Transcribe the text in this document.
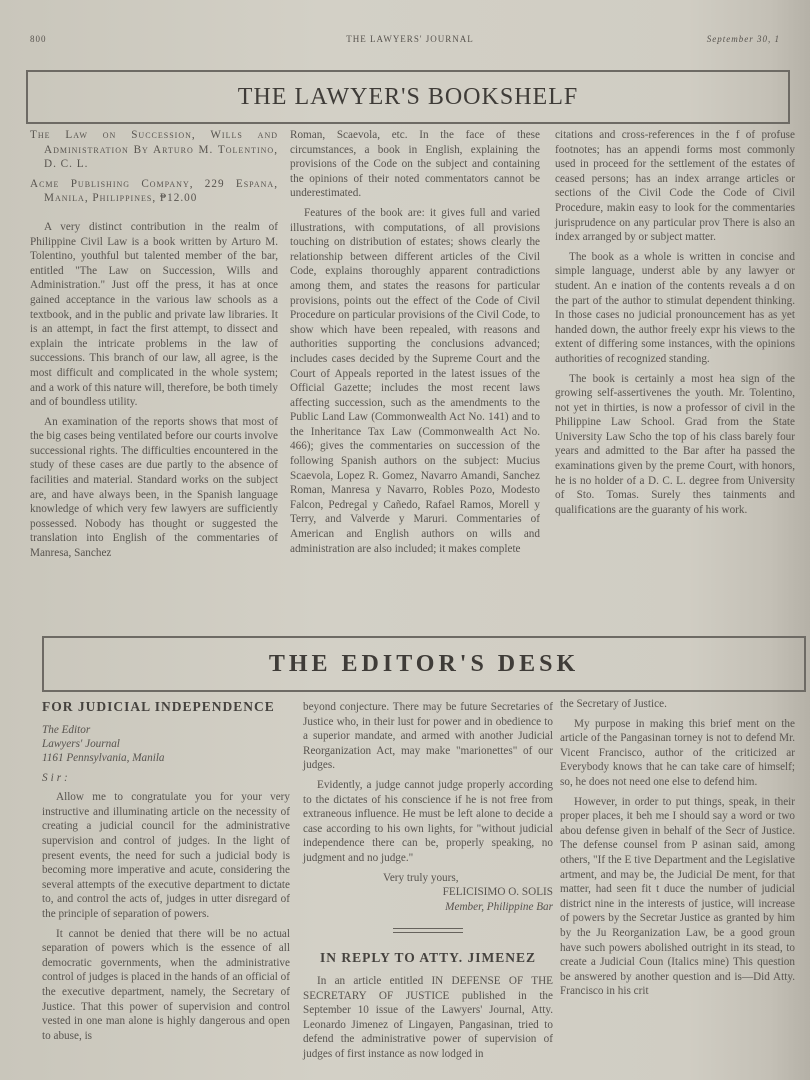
800	THE LAWYERS' JOURNAL	September 30, 1
THE LAWYER'S BOOKSHELF

The Law on Succession, Wills and Administration By Arturo M. Tolentino, D. C. L.

Acme Publishing Company, 229 Espana, Manila, Philippines, ₱12.00

A very distinct contribution in the realm of Philippine Civil Law is a book written by Arturo M. Tolentino, youthful but talented member of the bar, entitled "The Law on Succession, Wills and Administration." Just off the press, it has at once gained acceptance in the various law schools as a textbook, and in the public and private law libraries. It is an attempt, in fact the first attempt, to dissect and explain the intricate problems in the law of successions. This branch of our law, all agree, is the most difficult and complicated in the whole system; and a work of this nature will, therefore, be both timely and of boundless utility.

An examination of the reports shows that most of the big cases being ventilated before our courts involve successional rights. The difficulties encountered in the study of these cases are due partly to the absence of facilities and material. Standard works on the subject are, and have always been, in the Spanish language knowledge of which very few lawyers are sufficiently possessed. Nobody has thought or suggested the translation into English of the commentaries of Manresa, Sanchez

Roman, Scaevola, etc. In the face of these circumstances, a book in English, explaining the provisions of the Code on the subject and containing the opinions of their noted commentators cannot be underestimated.

Features of the book are: it gives full and varied illustrations, with computations, of all provisions touching on distribution of estates; shows clearly the relationship between different articles of the Civil Code, explains thoroughly apparent contradictions among them, and states the reasons for particular provisions, points out the effect of the Code of Civil Procedure on particular provisions of the Civil Code, to show which have been repealed, with reasons and authorities supporting the conclusions advanced; includes cases decided by the Supreme Court and the Court of Appeals reported in the latest issues of the Official Gazette; includes the most recent laws affecting succession, such as the amendments to the Public Land Law (Commonwealth Act No. 141) and to the Inheritance Tax Law (Commonwealth Act No. 466); gives the commentaries on succession of the following Spanish authors on the subject: Mucius Scaevola, Lopez R. Gomez, Navarro Amandi, Sanchez Roman, Manresa y Navarro, Robles Pozo, Modesto Falcon, Pedregal y Cañedo, Rafael Ramos, Morell y Terry, and Valverde y Maruri. Commentaries of American and English authors on wills and administration are also included; it makes complete

citations and cross-references in the f of profuse footnotes; has an appendi forms most commonly used in proceed for the settlement of the estates of ceased persons; has an index arrange articles or sections of the Civil Code the Code of Civil Procedure, makin easy to look for the commentaries jurisprudence on any particular prov There is also an index arranged by or subject matter.

The book as a whole is written in concise and simple language, underst able by any lawyer or student. An e ination of the contents reveals a d on the part of the author to stimulat dependent thinking. In those cases no judicial pronouncement has as yet handed down, the author freely expr his views to the extent of differing some instances, with the opinions authorities of recognized standing.

The book is certainly a most hea sign of the growing self-assertivenes the youth. Mr. Tolentino, not yet in thirties, is now a professor of civil in the Philippine Law School. Grad from the State University Law Scho the top of his class barely four years and admitted to the Bar after ha passed the examinations given by the preme Court, with honors, he is no holder of a D. C. L. degree from University of Sto. Tomas. Surely thes tainments and qualifications are the guaranty of his work.

THE EDITOR'S DESK
FOR JUDICIAL INDEPENDENCE
The Editor
Lawyers' Journal
1161 Pennsylvania, Manila

Sir:

Allow me to congratulate you for your very instructive and illuminating article on the necessity of creating a judicial council for the administrative supervision and control of judges. In the light of present events, the need for such a judicial body is becoming more imperative and acute, considering the several attempts of the executive department to dictate to, and control the acts of, judges in utter disregard of the principle of separation of powers.

It cannot be denied that there will be no actual separation of powers which is the essence of all democratic governments, when the administrative control of judges is placed in the hands of an official of the executive department, namely, the Secretary of Justice. That this power of supervision and control vested in one man alone is highly dangerous and open to abuse, is

beyond conjecture. There may be future Secretaries of Justice who, in their lust for power and in obedience to a superior mandate, and armed with another Judicial Reorganization Act, may make "marionettes" of our judges.

Evidently, a judge cannot judge properly according to the dictates of his conscience if he is not free from extraneous influence. He must be left alone to decide a case according to his own lights, for "without judicial independence there can be, properly speaking, no judgment and no judge."

Very truly yours,

FELICISIMO O. SOLIS

Member, Philippine Bar

IN REPLY TO ATTY. JIMENEZ

In an article entitled IN DEFENSE OF THE SECRETARY OF JUSTICE published in the September 10 issue of the Lawyers' Journal, Atty. Leonardo Jimenez of Lingayen, Pangasinan, tried to defend the administrative power of supervision of judges of first instance as now lodged in

the Secretary of Justice.

My purpose in making this brief ment on the article of the Pangasinan torney is not to defend Mr. Vicent Francisco, author of the criticized ar Everybody knows that he can take care of himself; so, he does not need one else to defend him.

However, in order to put things, speak, in their proper places, it beh me I should say a word or two abou defense given in behalf of the Secr of Justice. The defense counsel from P asinan said, among others, "If the E tive Department and the Legislative artment, and may be, the Judicial De ment, for that matter, had seen fit t duce the number of judicial district nine in the interests of justice, will increase of powers by the Secretar Justice as granted by him by the Ju Reorganization Law, be a good groun have such powers abolished outright in its stead, to create a Judicial Coun (Italics mine) This question be answered by another question and is—Did Atty. Francisco in his crit
